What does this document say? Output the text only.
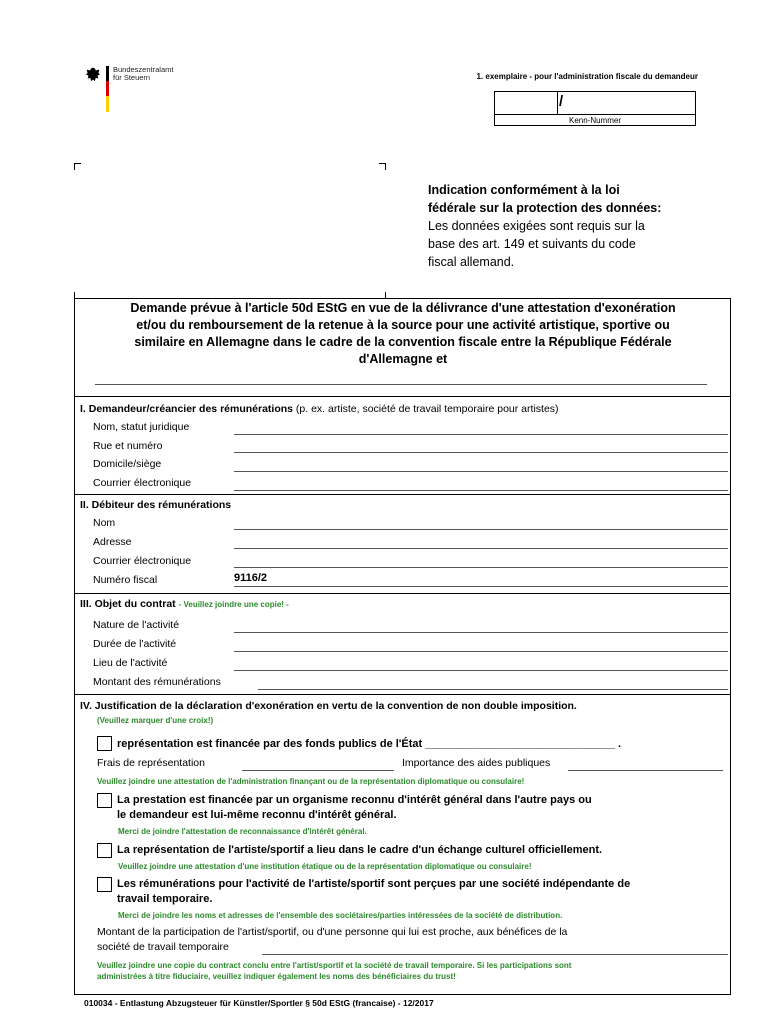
Bundeszentralamt
für Steuern	1. exemplaire - pour l'administration fiscale du demandeur
/
Kenn-Nummer
Indication conformément à la loi
fédérale sur la protection des données:
Les données exigées sont requis sur la
base des art. 149 et suivants du code
fiscal allemand.
Demande prévue à l'article 50d EStG en vue de la délivrance d'une attestation d'exonération
et/ou du remboursement de la retenue à la source pour une activité artistique, sportive ou
similaire en Allemagne dans le cadre de la convention fiscale entre la République Fédérale
d'Allemagne et
I. Demandeur/créancier des rémunérations (p. ex. artiste, société de travail temporaire pour artistes)
Nom, statut juridique
Rue et numéro
Domicile/siège
Courrier électronique
II. Débiteur des rémunérations
Nom
Adresse
Courrier électronique
Numéro fiscal	9116/2
III. Objet du contrat - Veuillez joindre une copie! -
Nature de l'activité
Durée de l'activité
Lieu de l'activité
Montant des rémunérations
IV. Justification de la déclaration d'exonération en vertu de la convention de non double imposition.
(Veuillez marquer d'une croix!)
représentation est financée par des fonds publics de l'État _______________________________ .
Frais de représentation	Importance des aides publiques
Veuillez joindre une attestation de l'administration finançant ou de la représentation diplomatique ou consulaire!
La prestation est financée par un organisme reconnu d'intérêt général dans l'autre pays ou
le demandeur est lui-même reconnu d'intérêt général.
Merci de joindre l'attestation de reconnaissance d'intérêt général.
La représentation de l'artiste/sportif a lieu dans le cadre d'un échange culturel officiellement.
Veuillez joindre une attestation d'une institution étatique ou de la représentation diplomatique ou consulaire!
Les rémunérations pour l'activité de l'artiste/sportif sont perçues par une société indépendante de
travail temporaire.
Merci de joindre les noms et adresses de l'ensemble des sociétaires/parties intéressées de la société de distribution.
Montant de la participation de l'artist/sportif, ou d'une personne qui lui est proche, aux bénéfices de la
société de travail temporaire
Veuillez joindre une copie du contract conclu entre l'artist/sportif et la société de travail temporaire. Si les participations sont
administrées à titre fiduciaire, veuillez indiquer également les noms des bénéficiaires du trust!
010034 - Entlastung Abzugsteuer für Künstler/Sportler § 50d EStG (francaise) - 12/2017
